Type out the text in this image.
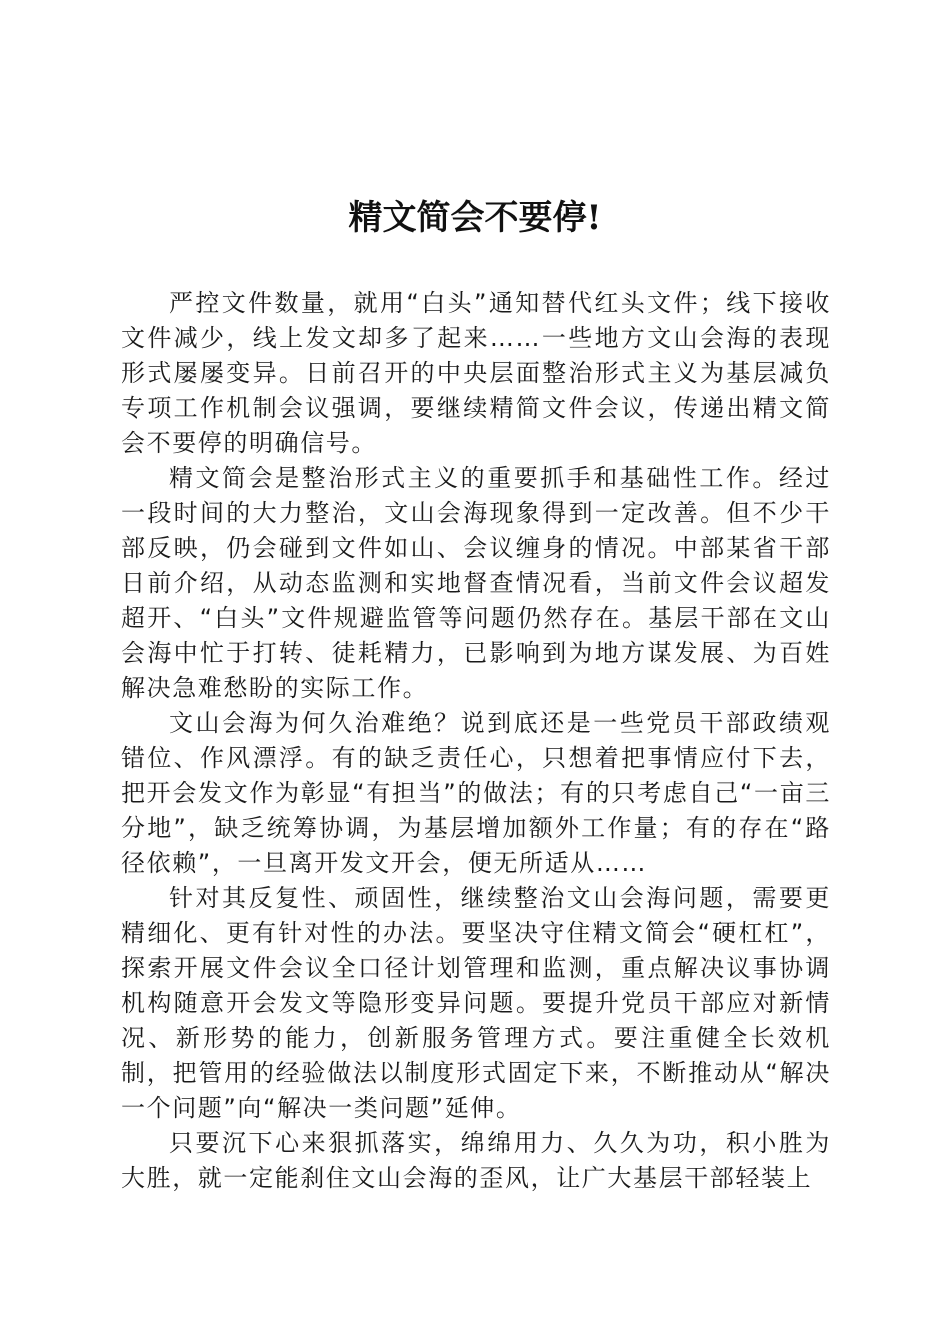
精文简会不要停!

严控文件数量，就用“白头”通知替代红头文件；线下接收文件减少，线上发文却多了起来……一些地方文山会海的表现形式屡屡变异。日前召开的中央层面整治形式主义为基层减负专项工作机制会议强调，要继续精简文件会议，传递出精文简会不要停的明确信号。

精文简会是整治形式主义的重要抓手和基础性工作。经过一段时间的大力整治，文山会海现象得到一定改善。但不少干部反映，仍会碰到文件如山、会议缠身的情况。中部某省干部日前介绍，从动态监测和实地督查情况看，当前文件会议超发超开、“白头”文件规避监管等问题仍然存在。基层干部在文山会海中忙于打转、徒耗精力，已影响到为地方谋发展、为百姓解决急难愁盼的实际工作。

文山会海为何久治难绝？说到底还是一些党员干部政绩观错位、作风漂浮。有的缺乏责任心，只想着把事情应付下去，把开会发文作为彰显“有担当”的做法；有的只考虑自己“一亩三分地”，缺乏统筹协调，为基层增加额外工作量；有的存在“路径依赖”，一旦离开发文开会，便无所适从……

针对其反复性、顽固性，继续整治文山会海问题，需要更精细化、更有针对性的办法。要坚决守住精文简会“硬杠杠”，探索开展文件会议全口径计划管理和监测，重点解决议事协调机构随意开会发文等隐形变异问题。要提升党员干部应对新情况、新形势的能力，创新服务管理方式。要注重健全长效机制，把管用的经验做法以制度形式固定下来，不断推动从“解决一个问题”向“解决一类问题”延伸。

只要沉下心来狠抓落实，绵绵用力、久久为功，积小胜为大胜，就一定能刹住文山会海的歪风，让广大基层干部轻装上
